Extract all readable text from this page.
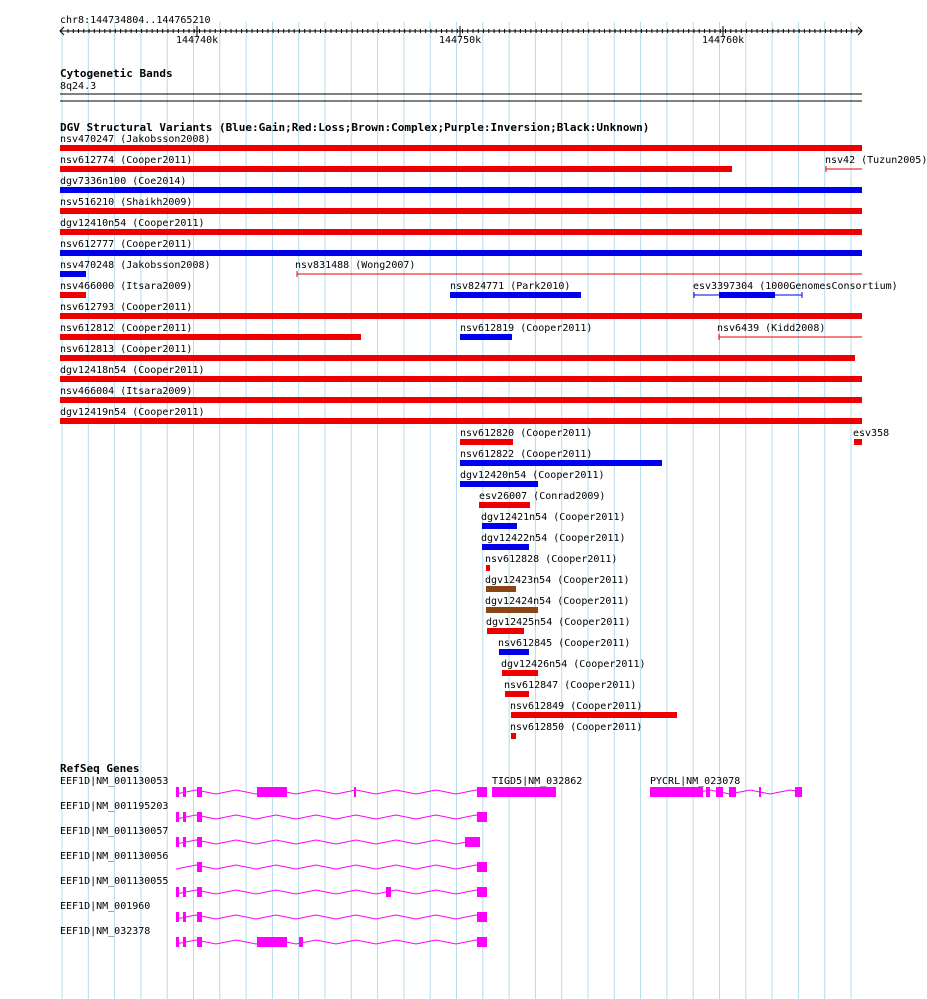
chr8:144734804..144765210
144740k	144750k	144760k
Cytogenetic Bands
8q24.3
DGV Structural Variants (Blue:Gain;Red:Loss;Brown:Complex;Purple:Inversion;Black:Unknown)
nsv470247 (Jakobsson2008)
nsv612774 (Cooper2011)	nsv42 (Tuzun2005)
dgv7336n100 (Coe2014)
nsv516210 (Shaikh2009)
dgv12410n54 (Cooper2011)
nsv612777 (Cooper2011)
nsv470248 (Jakobsson2008)	nsv831488 (Wong2007)
nsv466000 (Itsara2009)	nsv824771 (Park2010)	esv3397304 (1000GenomesConsortium)
nsv612793 (Cooper2011)
nsv612812 (Cooper2011)	nsv612819 (Cooper2011)	nsv6439 (Kidd2008)
nsv612813 (Cooper2011)
dgv12418n54 (Cooper2011)
nsv466004 (Itsara2009)
dgv12419n54 (Cooper2011)
nsv612820 (Cooper2011)	esv358
nsv612822 (Cooper2011)
dgv12420n54 (Cooper2011)
esv26007 (Conrad2009)
dgv12421n54 (Cooper2011)
dgv12422n54 (Cooper2011)
nsv612828 (Cooper2011)
dgv12423n54 (Cooper2011)
dgv12424n54 (Cooper2011)
dgv12425n54 (Cooper2011)
nsv612845 (Cooper2011)
dgv12426n54 (Cooper2011)
nsv612847 (Cooper2011)
nsv612849 (Cooper2011)
nsv612850 (Cooper2011)
RefSeq Genes
EEF1D|NM_001130053	TIGD5|NM_032862	PYCRL|NM_023078
EEF1D|NM_001195203
EEF1D|NM_001130057
EEF1D|NM_001130056
EEF1D|NM_001130055
EEF1D|NM_001960
EEF1D|NM_032378
